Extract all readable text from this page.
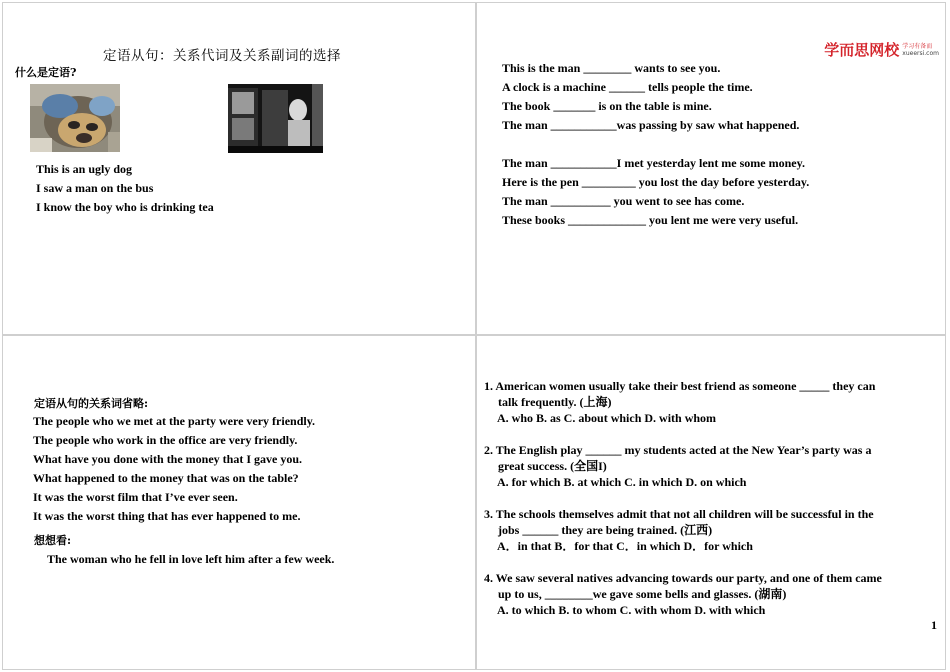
定语从句：关系代词及关系副词的选择
什么是定语?
This is an ugly dog
I saw a man on the bus
I know the boy who is drinking tea
学而思网校 学习有备而
xueersi.com
This is the man ________ wants to see you.
A clock is a machine ______ tells people the time.
The book _______ is on the table is mine.
The man ___________was passing by saw what happened.
The man ___________I met yesterday lent me some money.
Here is the pen _________ you lost the day before yesterday.
The man __________ you went to see has come.
These books _____________ you lent me were very useful.
定语从句的关系词省略:
The people who we met at the party were very friendly.
The people who work in the office are very friendly.
What have you done with the money that I gave you.
What happened to the money that was on the table?
It was the worst film that I’ve ever seen.
It was the worst thing that has ever happened to me.
想想看:
The woman who he fell in love left him after a few week.
1. American women usually take their best friend as someone _____ they can
talk frequently. (上海)
A. who B. as C. about which D. with whom
2. The English play ______ my students acted at the New Year’s party was a
great success. (全国I)
A. for which B. at which C. in which D. on which
3. The schools themselves admit that not all children will be successful in the
jobs ______ they are being trained. (江西)
A．in that B．for that C．in which D．for which
4. We saw several natives advancing towards our party, and one of them came
up to us, ________we gave some bells and glasses. (湖南)
A. to which B. to whom C. with whom D. with which
1
